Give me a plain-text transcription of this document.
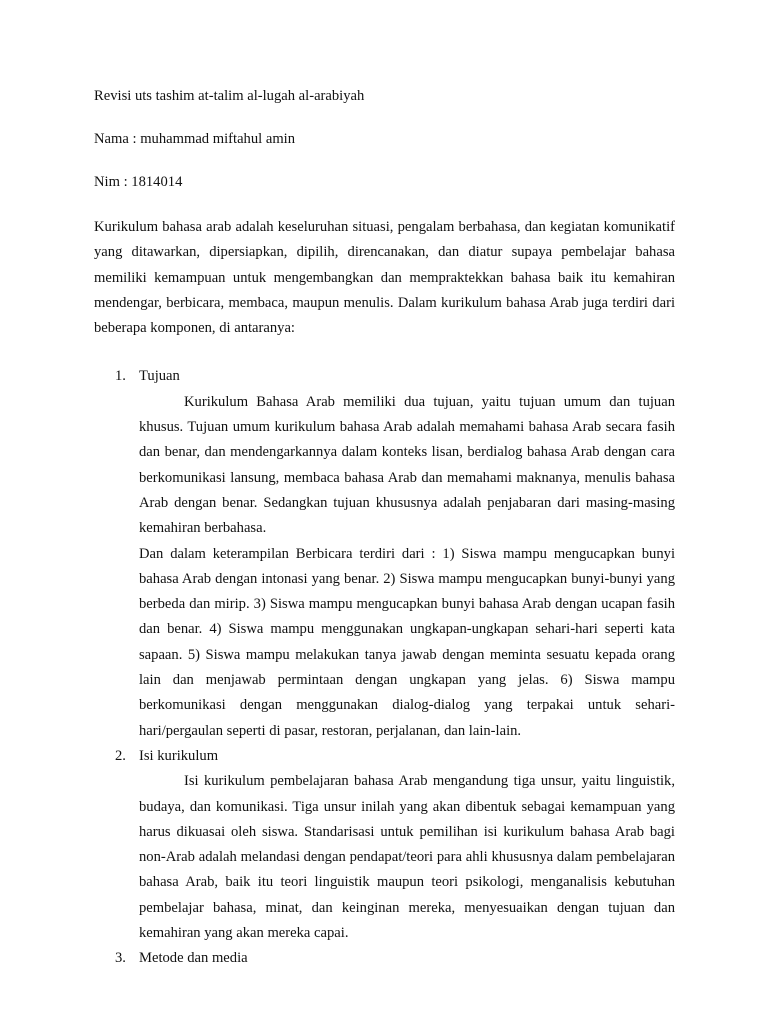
Revisi uts tashim at-talim al-lugah al-arabiyah

Nama : muhammad miftahul amin

Nim : 1814014

Kurikulum bahasa arab adalah keseluruhan situasi, pengalam berbahasa, dan kegiatan komunikatif yang ditawarkan, dipersiapkan, dipilih, direncanakan, dan diatur supaya pembelajar bahasa memiliki kemampuan untuk mengembangkan dan mempraktekkan bahasa baik itu kemahiran mendengar, berbicara, membaca, maupun menulis. Dalam kurikulum bahasa Arab juga terdiri dari beberapa komponen, di antaranya:

1. Tujuan

Kurikulum Bahasa Arab memiliki dua tujuan, yaitu tujuan umum dan tujuan khusus. Tujuan umum kurikulum bahasa Arab adalah memahami bahasa Arab secara fasih dan benar, dan mendengarkannya dalam konteks lisan, berdialog bahasa Arab dengan cara berkomunikasi lansung, membaca bahasa Arab dan memahami maknanya, menulis bahasa Arab dengan benar. Sedangkan tujuan khususnya adalah penjabaran dari masing-masing kemahiran berbahasa.

Dan dalam keterampilan Berbicara terdiri dari : 1) Siswa mampu mengucapkan bunyi bahasa Arab dengan intonasi yang benar. 2) Siswa mampu mengucapkan bunyi-bunyi yang berbeda dan mirip. 3) Siswa mampu mengucapkan bunyi bahasa Arab dengan ucapan fasih dan benar. 4) Siswa mampu menggunakan ungkapan-ungkapan sehari-hari seperti kata sapaan. 5) Siswa mampu melakukan tanya jawab dengan meminta sesuatu kepada orang lain dan menjawab permintaan dengan ungkapan yang jelas. 6) Siswa mampu berkomunikasi dengan menggunakan dialog-dialog yang terpakai untuk sehari-hari/pergaulan seperti di pasar, restoran, perjalanan, dan lain-lain.

2. Isi kurikulum

Isi kurikulum pembelajaran bahasa Arab mengandung tiga unsur, yaitu linguistik, budaya, dan komunikasi. Tiga unsur inilah yang akan dibentuk sebagai kemampuan yang harus dikuasai oleh siswa. Standarisasi untuk pemilihan isi kurikulum bahasa Arab bagi non-Arab adalah melandasi dengan pendapat/teori para ahli khususnya dalam pembelajaran bahasa Arab, baik itu teori linguistik maupun teori psikologi, menganalisis kebutuhan pembelajar bahasa, minat, dan keinginan mereka, menyesuaikan dengan tujuan dan kemahiran yang akan mereka capai.

3. Metode dan media
